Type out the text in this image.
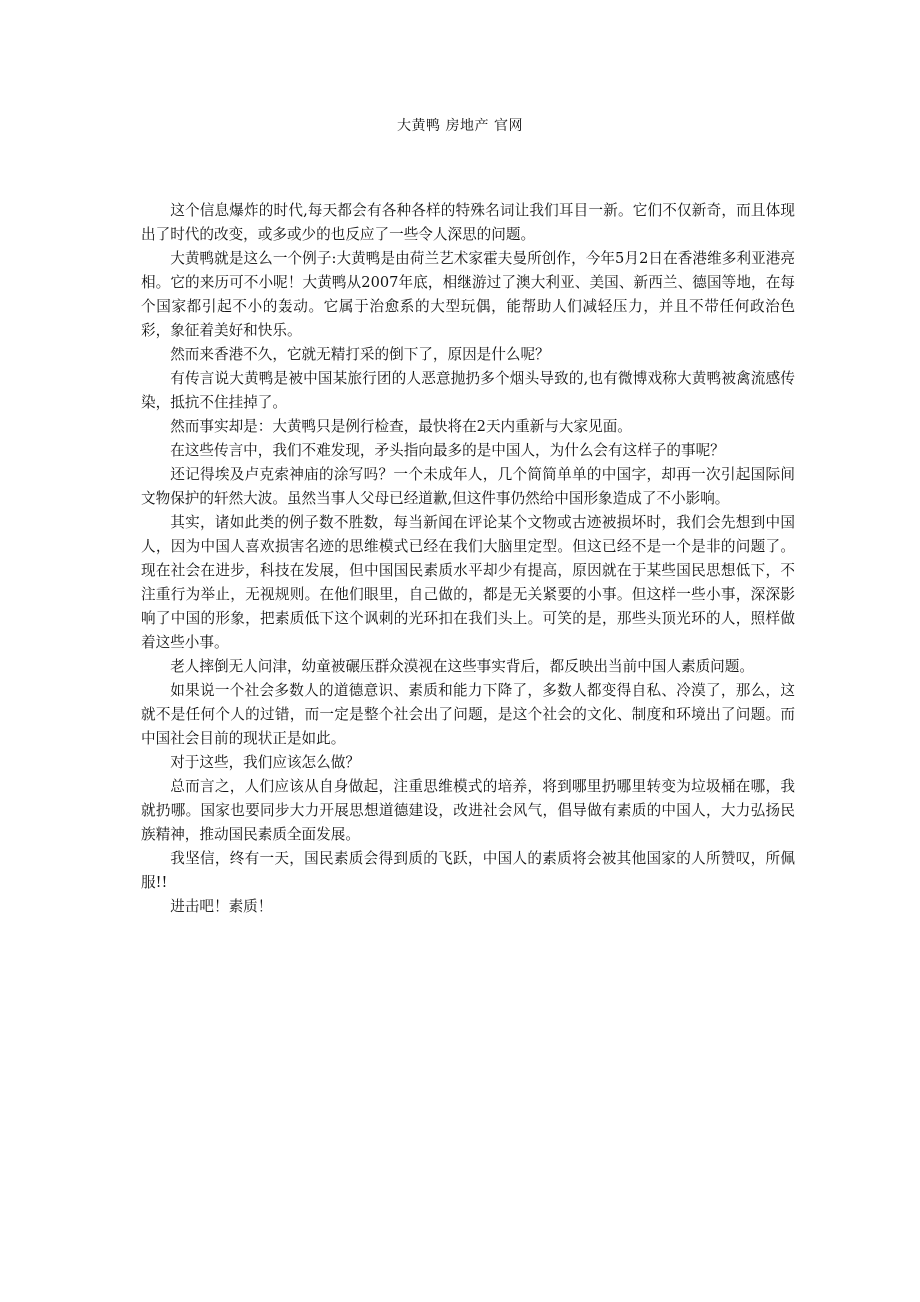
大黄鸭 房地产 官网

这个信息爆炸的时代,每天都会有各种各样的特殊名词让我们耳目一新。它们不仅新奇，而且体现出了时代的改变，或多或少的也反应了一些令人深思的问题。

大黄鸭就是这么一个例子:大黄鸭是由荷兰艺术家霍夫曼所创作，今年5月2日在香港维多利亚港亮相。它的来历可不小呢！大黄鸭从2007年底，相继游过了澳大利亚、美国、新西兰、德国等地，在每个国家都引起不小的轰动。它属于治愈系的大型玩偶，能帮助人们减轻压力，并且不带任何政治色彩，象征着美好和快乐。

然而来香港不久，它就无精打采的倒下了，原因是什么呢？

有传言说大黄鸭是被中国某旅行团的人恶意抛扔多个烟头导致的,也有微博戏称大黄鸭被禽流感传染，抵抗不住挂掉了。

然而事实却是：大黄鸭只是例行检查，最快将在2天内重新与大家见面。

在这些传言中，我们不难发现，矛头指向最多的是中国人，为什么会有这样子的事呢？

还记得埃及卢克索神庙的涂写吗？一个未成年人，几个简简单单的中国字，却再一次引起国际间文物保护的轩然大波。虽然当事人父母已经道歉,但这件事仍然给中国形象造成了不小影响。

其实，诸如此类的例子数不胜数，每当新闻在评论某个文物或古迹被损坏时，我们会先想到中国人，因为中国人喜欢损害名迹的思维模式已经在我们大脑里定型。但这已经不是一个是非的问题了。现在社会在进步，科技在发展，但中国国民素质水平却少有提高，原因就在于某些国民思想低下，不注重行为举止，无视规则。在他们眼里，自己做的，都是无关紧要的小事。但这样一些小事，深深影响了中国的形象，把素质低下这个讽刺的光环扣在我们头上。可笑的是，那些头顶光环的人，照样做着这些小事。

老人摔倒无人问津，幼童被碾压群众漠视在这些事实背后，都反映出当前中国人素质问题。

如果说一个社会多数人的道德意识、素质和能力下降了，多数人都变得自私、冷漠了，那么，这就不是任何个人的过错，而一定是整个社会出了问题，是这个社会的文化、制度和环境出了问题。而中国社会目前的现状正是如此。

对于这些，我们应该怎么做？

总而言之，人们应该从自身做起，注重思维模式的培养，将到哪里扔哪里转变为垃圾桶在哪，我就扔哪。国家也要同步大力开展思想道德建设，改进社会风气，倡导做有素质的中国人，大力弘扬民族精神，推动国民素质全面发展。

我坚信，终有一天，国民素质会得到质的飞跃，中国人的素质将会被其他国家的人所赞叹，所佩服!!

进击吧！素质！
